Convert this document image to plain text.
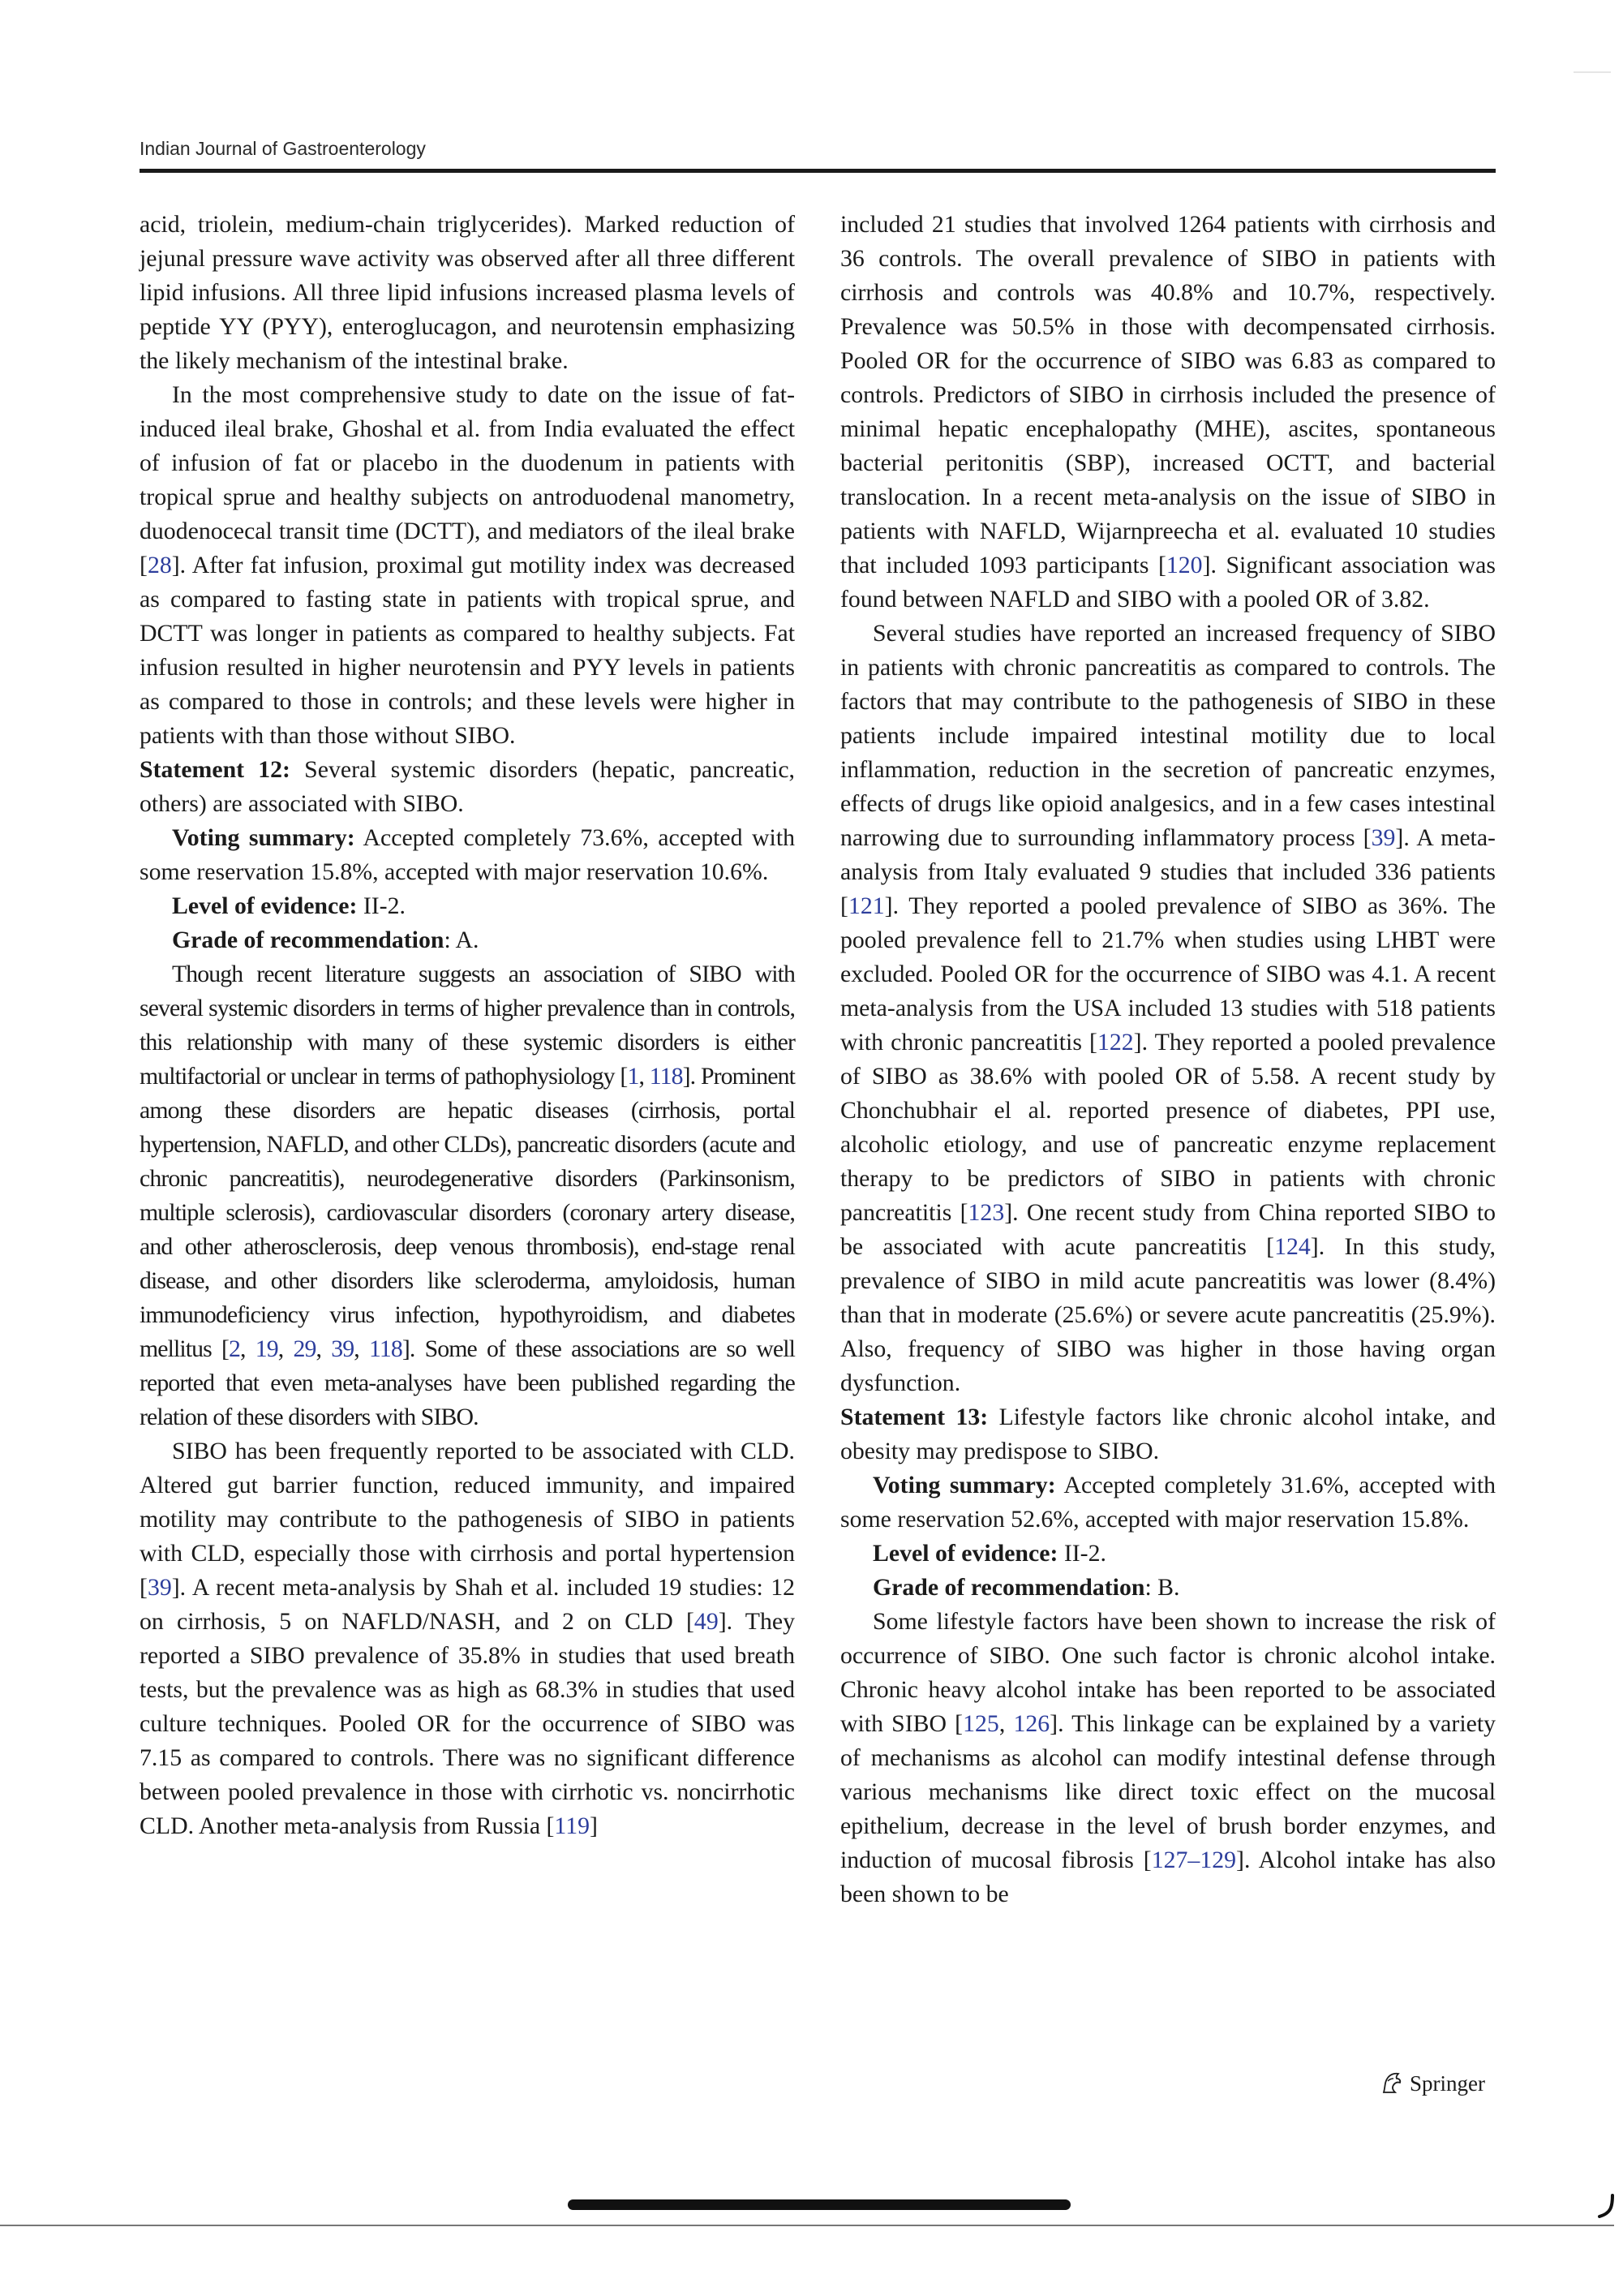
Indian Journal of Gastroenterology

acid, triolein, medium-chain triglycerides). Marked reduction of jejunal pressure wave activity was observed after all three different lipid infusions. All three lipid infusions increased plasma levels of peptide YY (PYY), enteroglucagon, and neurotensin emphasizing the likely mechanism of the intestinal brake.

In the most comprehensive study to date on the issue of fat-induced ileal brake, Ghoshal et al. from India evaluated the effect of infusion of fat or placebo in the duodenum in patients with tropical sprue and healthy subjects on antroduodenal manometry, duodenocecal transit time (DCTT), and mediators of the ileal brake [28]. After fat infusion, proximal gut motility index was decreased as compared to fasting state in patients with tropical sprue, and DCTT was longer in patients as compared to healthy subjects. Fat infusion resulted in higher neurotensin and PYY levels in patients as compared to those in controls; and these levels were higher in patients with than those without SIBO.

Statement 12: Several systemic disorders (hepatic, pancreatic, others) are associated with SIBO.

Voting summary: Accepted completely 73.6%, accepted with some reservation 15.8%, accepted with major reservation 10.6%.

Level of evidence: II-2.

Grade of recommendation: A.

Though recent literature suggests an association of SIBO with several systemic disorders in terms of higher prevalence than in controls, this relationship with many of these systemic disorders is either multifactorial or unclear in terms of pathophysiology [1, 118]. Prominent among these disorders are hepatic diseases (cirrhosis, portal hypertension, NAFLD, and other CLDs), pancreatic disorders (acute and chronic pancreatitis), neurodegenerative disorders (Parkinsonism, multiple sclerosis), cardiovascular disorders (coronary artery disease, and other atherosclerosis, deep venous thrombosis), end-stage renal disease, and other disorders like scleroderma, amyloidosis, human immunodeficiency virus infection, hypothyroidism, and diabetes mellitus [2, 19, 29, 39, 118]. Some of these associations are so well reported that even meta-analyses have been published regarding the relation of these disorders with SIBO.

SIBO has been frequently reported to be associated with CLD. Altered gut barrier function, reduced immunity, and impaired motility may contribute to the pathogenesis of SIBO in patients with CLD, especially those with cirrhosis and portal hypertension [39]. A recent meta-analysis by Shah et al. included 19 studies: 12 on cirrhosis, 5 on NAFLD/NASH, and 2 on CLD [49]. They reported a SIBO prevalence of 35.8% in studies that used breath tests, but the prevalence was as high as 68.3% in studies that used culture techniques. Pooled OR for the occurrence of SIBO was 7.15 as compared to controls. There was no significant difference between pooled prevalence in those with cirrhotic vs. noncirrhotic CLD. Another meta-analysis from Russia [119]

included 21 studies that involved 1264 patients with cirrhosis and 36 controls. The overall prevalence of SIBO in patients with cirrhosis and controls was 40.8% and 10.7%, respectively. Prevalence was 50.5% in those with decompensated cirrhosis. Pooled OR for the occurrence of SIBO was 6.83 as compared to controls. Predictors of SIBO in cirrhosis included the presence of minimal hepatic encephalopathy (MHE), ascites, spontaneous bacterial peritonitis (SBP), increased OCTT, and bacterial translocation. In a recent meta-analysis on the issue of SIBO in patients with NAFLD, Wijarnpreecha et al. evaluated 10 studies that included 1093 participants [120]. Significant association was found between NAFLD and SIBO with a pooled OR of 3.82.

Several studies have reported an increased frequency of SIBO in patients with chronic pancreatitis as compared to controls. The factors that may contribute to the pathogenesis of SIBO in these patients include impaired intestinal motility due to local inflammation, reduction in the secretion of pancreatic enzymes, effects of drugs like opioid analgesics, and in a few cases intestinal narrowing due to surrounding inflammatory process [39]. A meta-analysis from Italy evaluated 9 studies that included 336 patients [121]. They reported a pooled prevalence of SIBO as 36%. The pooled prevalence fell to 21.7% when studies using LHBT were excluded. Pooled OR for the occurrence of SIBO was 4.1. A recent meta-analysis from the USA included 13 studies with 518 patients with chronic pancreatitis [122]. They reported a pooled prevalence of SIBO as 38.6% with pooled OR of 5.58. A recent study by Chonchubhair el al. reported presence of diabetes, PPI use, alcoholic etiology, and use of pancreatic enzyme replacement therapy to be predictors of SIBO in patients with chronic pancreatitis [123]. One recent study from China reported SIBO to be associated with acute pancreatitis [124]. In this study, prevalence of SIBO in mild acute pancreatitis was lower (8.4%) than that in moderate (25.6%) or severe acute pancreatitis (25.9%). Also, frequency of SIBO was higher in those having organ dysfunction.

Statement 13: Lifestyle factors like chronic alcohol intake, and obesity may predispose to SIBO.

Voting summary: Accepted completely 31.6%, accepted with some reservation 52.6%, accepted with major reservation 15.8%.

Level of evidence: II-2.

Grade of recommendation: B.

Some lifestyle factors have been shown to increase the risk of occurrence of SIBO. One such factor is chronic alcohol intake. Chronic heavy alcohol intake has been reported to be associated with SIBO [125, 126]. This linkage can be explained by a variety of mechanisms as alcohol can modify intestinal defense through various mechanisms like direct toxic effect on the mucosal epithelium, decrease in the level of brush border enzymes, and induction of mucosal fibrosis [127–129]. Alcohol intake has also been shown to be

Springer
